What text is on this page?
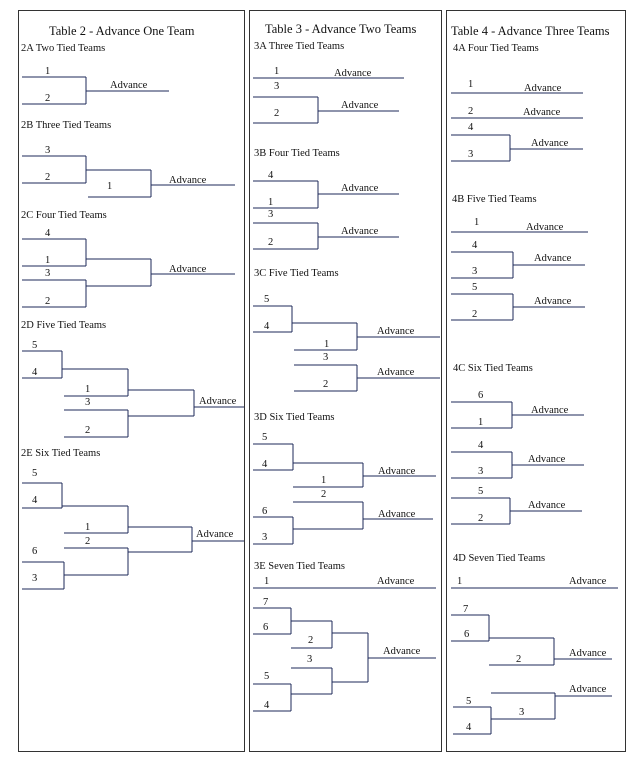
Table 2 - Advance One Team
2A Two Tied Teams
1
2
Advance
2B Three Tied Teams
3
2
1
Advance
2C Four Tied Teams
4
1
3
2
Advance
2D Five Tied Teams
5
4
1
3
2
Advance
2E Six Tied Teams
5
4
1
2
6
3
Advance
Table 3 - Advance Two Teams
3A Three Tied Teams
1
3
2
Advance
Advance
3B Four Tied Teams
4
1
3
2
Advance
Advance
3C Five Tied Teams
5
4
1
3
2
Advance
Advance
3D Six Tied Teams
5
4
1
2
6
3
Advance
Advance
3E Seven Tied Teams
1	Advance
7
6
2
3
Advance
5
4
Table 4 - Advance Three Teams
4A Four Tied Teams
1	Advance
2	Advance
4
3
Advance
4B Five Tied Teams
1	Advance
4
3
Advance
5
2
Advance
4C Six Tied Teams
6
1
Advance
4
3
Advance
5
2
Advance
4D Seven Tied Teams
1	Advance
7
6
2
Advance
Advance
5
3
4
